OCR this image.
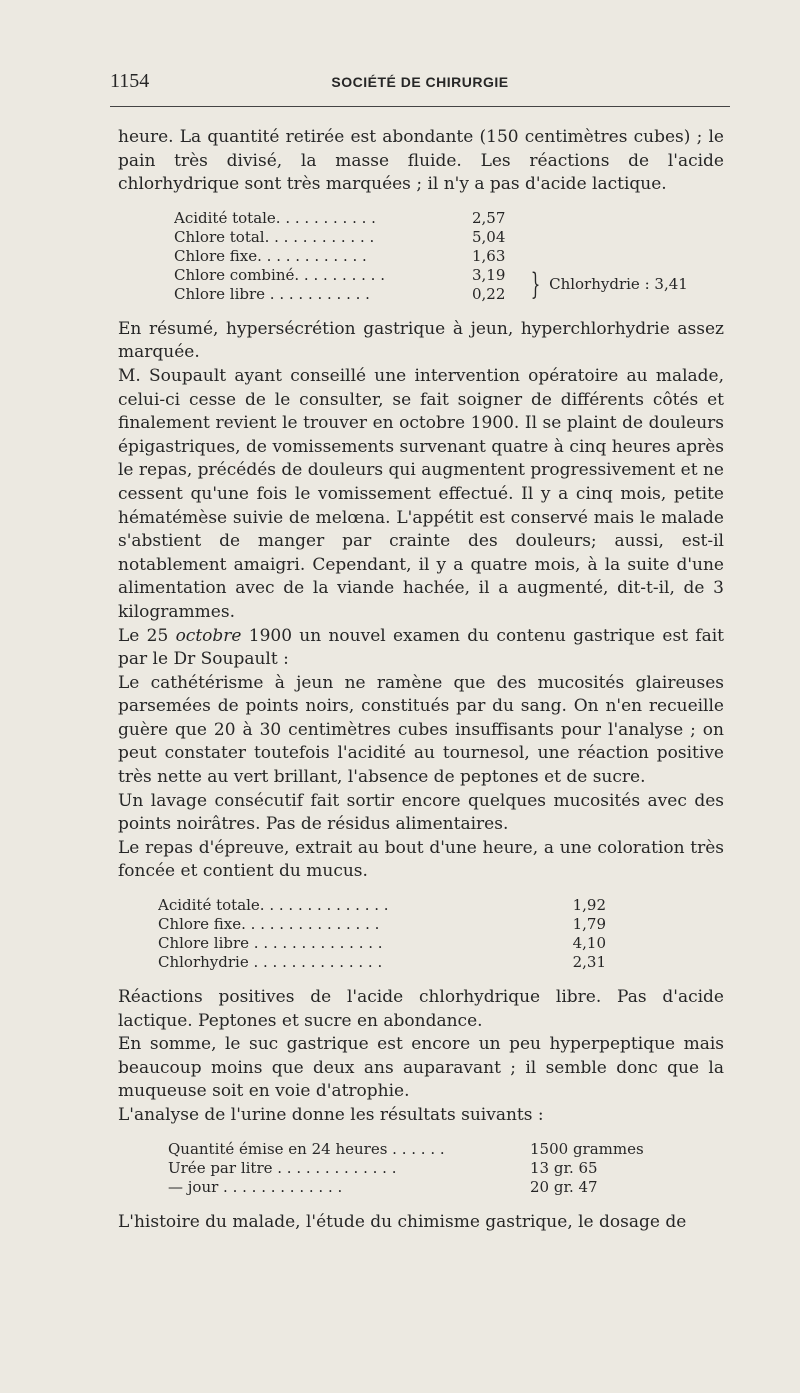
1154	SOCIÉTÉ DE CHIRURGIE

heure. La quantité retirée est abondante (150 centimètres cubes) ; le pain très divisé, la masse fluide. Les réactions de l'acide chlorhydrique sont très marquées ; il n'y a pas d'acide lactique.

Acidité totale. . . . . . . . . . .	2,57
Chlore total. . . . . . . . . . . .	5,04
Chlore fixe. . . . . . . . . . . .	1,63
Chlore combiné. . . . . . . . . .	3,19
Chlore libre . . . . . . . . . . .	0,22 } Chlorhydrie : 3,41

En résumé, hypersécrétion gastrique à jeun, hyperchlorhydrie assez marquée.

M. Soupault ayant conseillé une intervention opératoire au malade, celui-ci cesse de le consulter, se fait soigner de différents côtés et finalement revient le trouver en octobre 1900. Il se plaint de douleurs épigastriques, de vomissements survenant quatre à cinq heures après le repas, précédés de douleurs qui augmentent progressivement et ne cessent qu'une fois le vomissement effectué. Il y a cinq mois, petite hématémèse suivie de melœna. L'appétit est conservé mais le malade s'abstient de manger par crainte des douleurs; aussi, est-il notablement amaigri. Cependant, il y a quatre mois, à la suite d'une alimentation avec de la viande hachée, il a augmenté, dit-t-il, de 3 kilogrammes.

Le 25 octobre 1900 un nouvel examen du contenu gastrique est fait par le Dr Soupault :

Le cathétérisme à jeun ne ramène que des mucosités glaireuses parsemées de points noirs, constitués par du sang. On n'en recueille guère que 20 à 30 centimètres cubes insuffisants pour l'analyse ; on peut constater toutefois l'acidité au tournesol, une réaction positive très nette au vert brillant, l'absence de peptones et de sucre.

Un lavage consécutif fait sortir encore quelques mucosités avec des points noirâtres. Pas de résidus alimentaires.

Le repas d'épreuve, extrait au bout d'une heure, a une coloration très foncée et contient du mucus.

Acidité totale. . . . . . . . . . . . . .	1,92
Chlore fixe. . . . . . . . . . . . . . .	1,79
Chlore libre . . . . . . . . . . . . . .	4,10
Chlorhydrie . . . . . . . . . . . . . .	2,31

Réactions positives de l'acide chlorhydrique libre. Pas d'acide lactique. Peptones et sucre en abondance.

En somme, le suc gastrique est encore un peu hyperpeptique mais beaucoup moins que deux ans auparavant ; il semble donc que la muqueuse soit en voie d'atrophie.

L'analyse de l'urine donne les résultats suivants :

Quantité émise en 24 heures . . . . . .	1500 grammes
Urée par litre . . . . . . . . . . . . .	13 gr. 65
— jour . . . . . . . . . . . . .	20 gr. 47

L'histoire du malade, l'étude du chimisme gastrique, le dosage de
